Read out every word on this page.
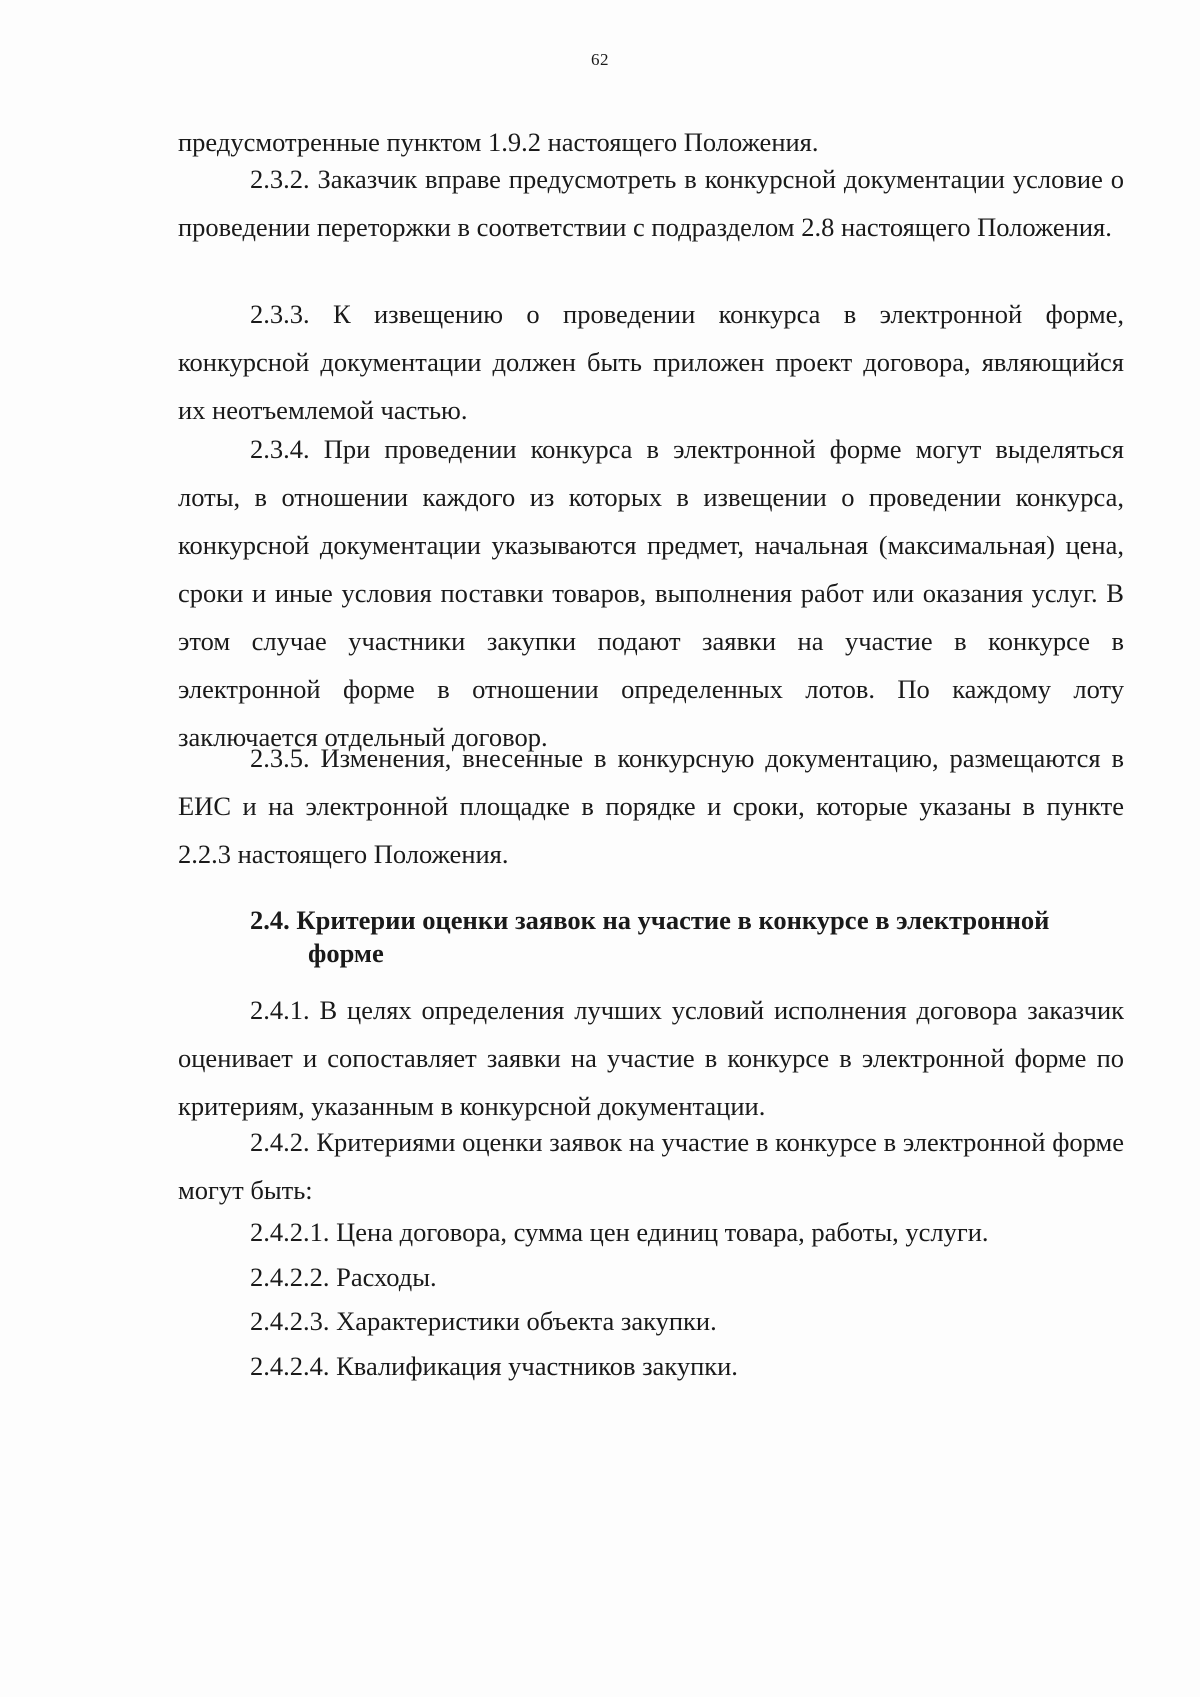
62

предусмотренные пунктом 1.9.2 настоящего Положения.

2.3.2. Заказчик вправе предусмотреть в конкурсной документации условие о проведении переторжки в соответствии с подразделом 2.8 настоящего Положения.

2.3.3. К извещению о проведении конкурса в электронной форме, конкурсной документации должен быть приложен проект договора, являющийся их неотъемлемой частью.

2.3.4. При проведении конкурса в электронной форме могут выделяться лоты, в отношении каждого из которых в извещении о проведении конкурса, конкурсной документации указываются предмет, начальная (максимальная) цена, сроки и иные условия поставки товаров, выполнения работ или оказания услуг. В этом случае участники закупки подают заявки на участие в конкурсе в электронной форме в отношении определенных лотов. По каждому лоту заключается отдельный договор.

2.3.5. Изменения, внесенные в конкурсную документацию, размещаются в ЕИС и на электронной площадке в порядке и сроки, которые указаны в пункте 2.2.3 настоящего Положения.

2.4. Критерии оценки заявок на участие в конкурсе в электронной
форме

2.4.1. В целях определения лучших условий исполнения договора заказчик оценивает и сопоставляет заявки на участие в конкурсе в электронной форме по критериям, указанным в конкурсной документации.

2.4.2. Критериями оценки заявок на участие в конкурсе в электронной форме могут быть:

2.4.2.1. Цена договора, сумма цен единиц товара, работы, услуги.
2.4.2.2. Расходы.
2.4.2.3. Характеристики объекта закупки.
2.4.2.4. Квалификация участников закупки.
